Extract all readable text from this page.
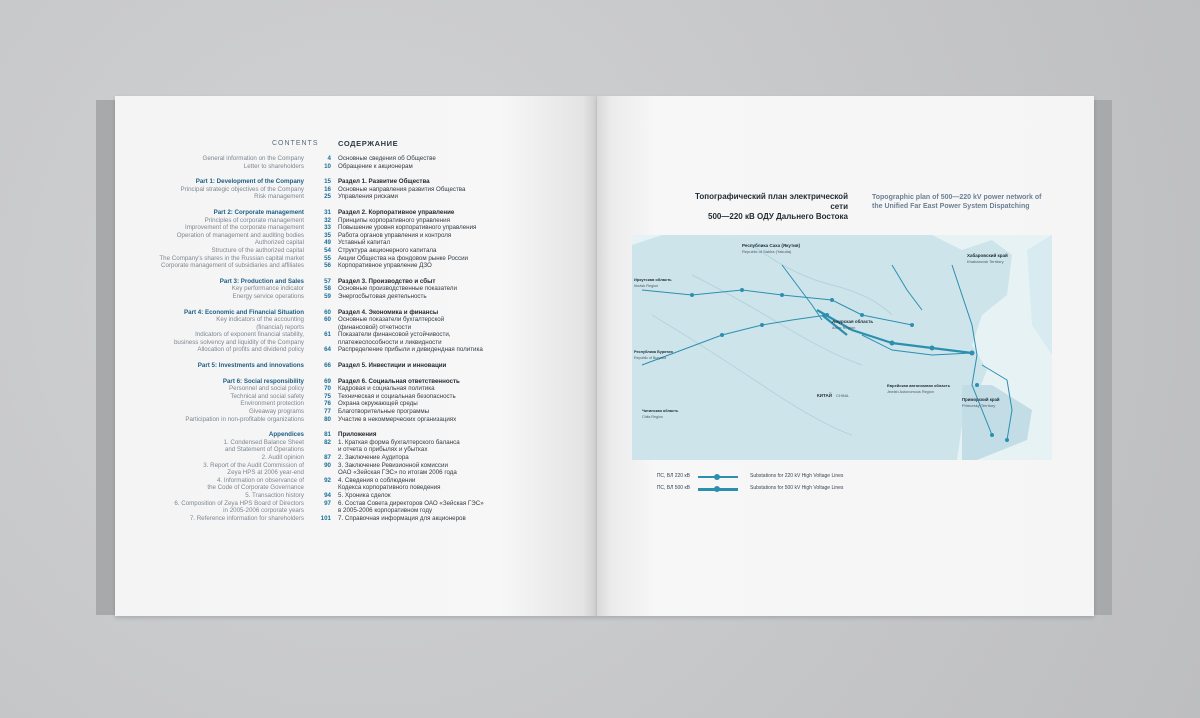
CONTENTS	СОДЕРЖАНИЕ
General information on the Company	4 Основные сведения об Обществе
Letter to shareholders	10 Обращение к акционерам
Part 1: Development of the Company	15 Раздел 1. Развитие Общества
Principal strategic objectives of the Company	16 Основные направления развития Общества
Risk management	25 Управления рисками
Part 2: Corporate management	31 Раздел 2. Корпоративное управление
Principles of corporate management	32 Принципы корпоративного управления
Improvement of the corporate management	33 Повышение уровня корпоративного управления
Operation of management and auditing bodies	35 Работа органов управления и контроля
Authorized capital	49 Уставный капитал
Structure of the authorized capital	54 Структура акционерного капитала
The Company's shares in the Russian capital market	55 Акции Общества на фондовом рынке России
Corporate management of subsidiaries and affiliates	56 Корпоративное управление ДЗО
Part 3: Production and Sales	57 Раздел 3. Производство и сбыт
Key performance indicator	58 Основные производственные показатели
Energy service operations	59 Энергосбытовая деятельность
Part 4: Economic and Financial Situation	60 Раздел 4. Экономика и финансы
Key indicators of the accounting	60 Основные показатели бухгалтерской
(financial) reports	(финансовой) отчетности
Indicators of exponent financial stability,	61 Показатели финансовой устойчивости,
business solvency and liquidity of the Company	платежеспособности и ликвидности
Allocation of profits and dividend policy	64 Распределение прибыли и дивидендная политика
Part 5: Investments and innovations	66 Раздел 5. Инвестиции и инновации
Part 6: Social responsibility	69 Раздел 6. Социальная ответственность
Personnel and social policy	70 Кадровая и социальная политика
Technical and social safety	75 Техническая и социальная безопасность
Environment protection	76 Охрана окружающей среды
Giveaway programs	77 Благотворительные программы
Participation in non-profitable organizations	80 Участие в некоммерческих организациях
Appendices	81 Приложения
1. Condensed Balance Sheet	82 1. Краткая форма бухгалтерского баланса
and Statement of Operations	и отчета о прибылях и убытках
2. Audit opinion	87 2. Заключение Аудитора
3. Report of the Audit Commission of	90 3. Заключение Ревизионной комиссии
Zeya HPS at 2006 year-end	ОАО «Зейская ГЭС» по итогам 2006 года
4. Information on observance of	92 4. Сведения о соблюдении
the Code of Corporate Governance	Кодекса корпоративного поведения
5. Transaction history	94 5. Хроника сделок
6. Composition of Zeya HPS Board of Directors	97 6. Состав Совета директоров ОАО «Зейская ГЭС»
in 2005-2006 corporate years	в 2005-2006 корпоративном году
7. Reference information for shareholders	101 7. Справочная информация для акционеров
Топографический план электрической сети
500—220 кВ ОДУ Дальнего Востока
Topographic plan of 500—220 kV power network of
the Unified Far East Power System Dispatching
Республика Саха (Якутия)
Republic of Sakha (Yakutia)
Иркутская область
Irkutsk Region
Хабаровский край
Khabarovsk Territory
Амурская область
Amur Region
Республика Бурятия
Republic of Buryatia
КИТАЙ CHINA
Еврейская автономная область
Jewish Autonomous Region
Приморский край
Primorsky Territory
Читинская область
Chita Region
ПС, ВЛ 220 кВ	Substations for 220 kV High Voltage Lines
ПС, ВЛ 500 кВ	Substations for 500 kV High Voltage Lines
